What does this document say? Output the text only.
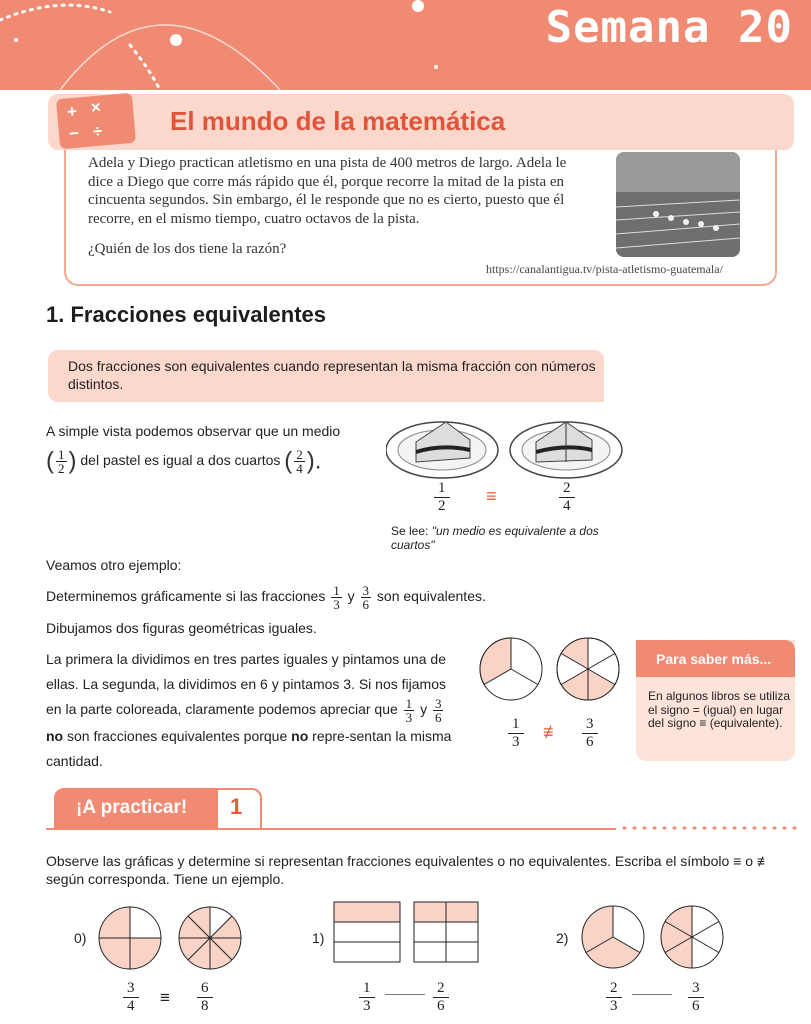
Semana 20
+ ×
− ÷	El mundo de la matemática
Adela y Diego practican atletismo en una pista de 400 metros de largo. Adela le dice a Diego que corre más rápido que él, porque recorre la mitad de la pista en cincuenta segundos. Sin embargo, él le responde que no es cierto, puesto que él recorre, en el mismo tiempo, cuatro octavos de la pista.
¿Quién de los dos tiene la razón?
https://canalantigua.tv/pista-atletismo-guatemala/
1. Fracciones equivalentes
Dos fracciones son equivalentes cuando representan la misma fracción con números distintos.
A simple vista podemos observar que un medio
( $\frac{1}{2}$ ) del pastel es igual a dos cuartos ( $\frac{2}{4}$ ).
1
2 ≡	2
4
Se lee: "un medio es equivalente a dos cuartos"
Veamos otro ejemplo:
Determinemos gráficamente si las fracciones $\frac{1}{3}$ y $\frac{3}{6}$ son equivalentes.
Dibujamos dos figuras geométricas iguales.
La primera la dividimos en tres partes iguales y pintamos una de ellas. La segunda, la dividimos en 6 y pintamos 3. Si nos fijamos en la parte coloreada, claramente podemos apreciar que $\frac{1}{3}$ y $\frac{3}{6}$
no son fracciones equivalentes porque no repre-sentan la misma cantidad.
1
3 ≢ 3
6
Para saber más...
En algunos libros se utiliza el signo = (igual) en lugar del signo ≡ (equivalente).
¡A practicar!	1
Observe las gráficas y determine si representan fracciones equivalentes o no equivalentes. Escriba el símbolo ≡ o ≢ según corresponda. Tiene un ejemplo.
0)
3
4 ≡ 6
8
1)
1
3
2
6
2)
2
3
3
6
